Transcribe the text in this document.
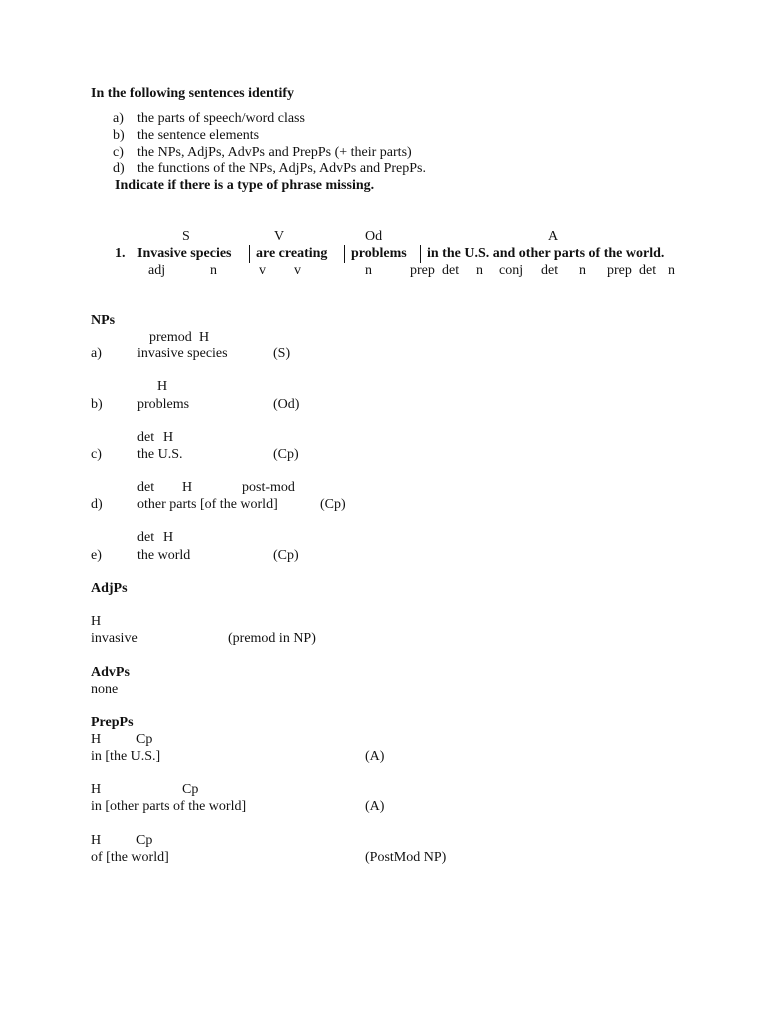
In the following sentences identify
a) the parts of speech/word class
b) the sentence elements
c) the NPs, AdjPs, AdvPs and PrepPs (+ their parts)
d) the functions of the NPs, AdjPs, AdvPs and PrepPs.
Indicate if there is a type of phrase missing.
S	V	Od	A
1. Invasive species are creating problems in the U.S. and other parts of the world.
adj	n	v v	n	prep det n conj det n prep det n
NPs
premod H
a)	invasive species	(S)
H
b) problems	(Od)
det H
c)	the U.S.	(Cp)
det H	post-mod
d) other parts [of the world]	(Cp)
det H
e)	the world	(Cp)
AdjPs
H
invasive	(premod in NP)
AdvPs
none
PrepPs
H Cp
in [the U.S.]	(A)
H	Cp
in [other parts of the world]	(A)
H Cp
of [the world]	(PostMod NP)
